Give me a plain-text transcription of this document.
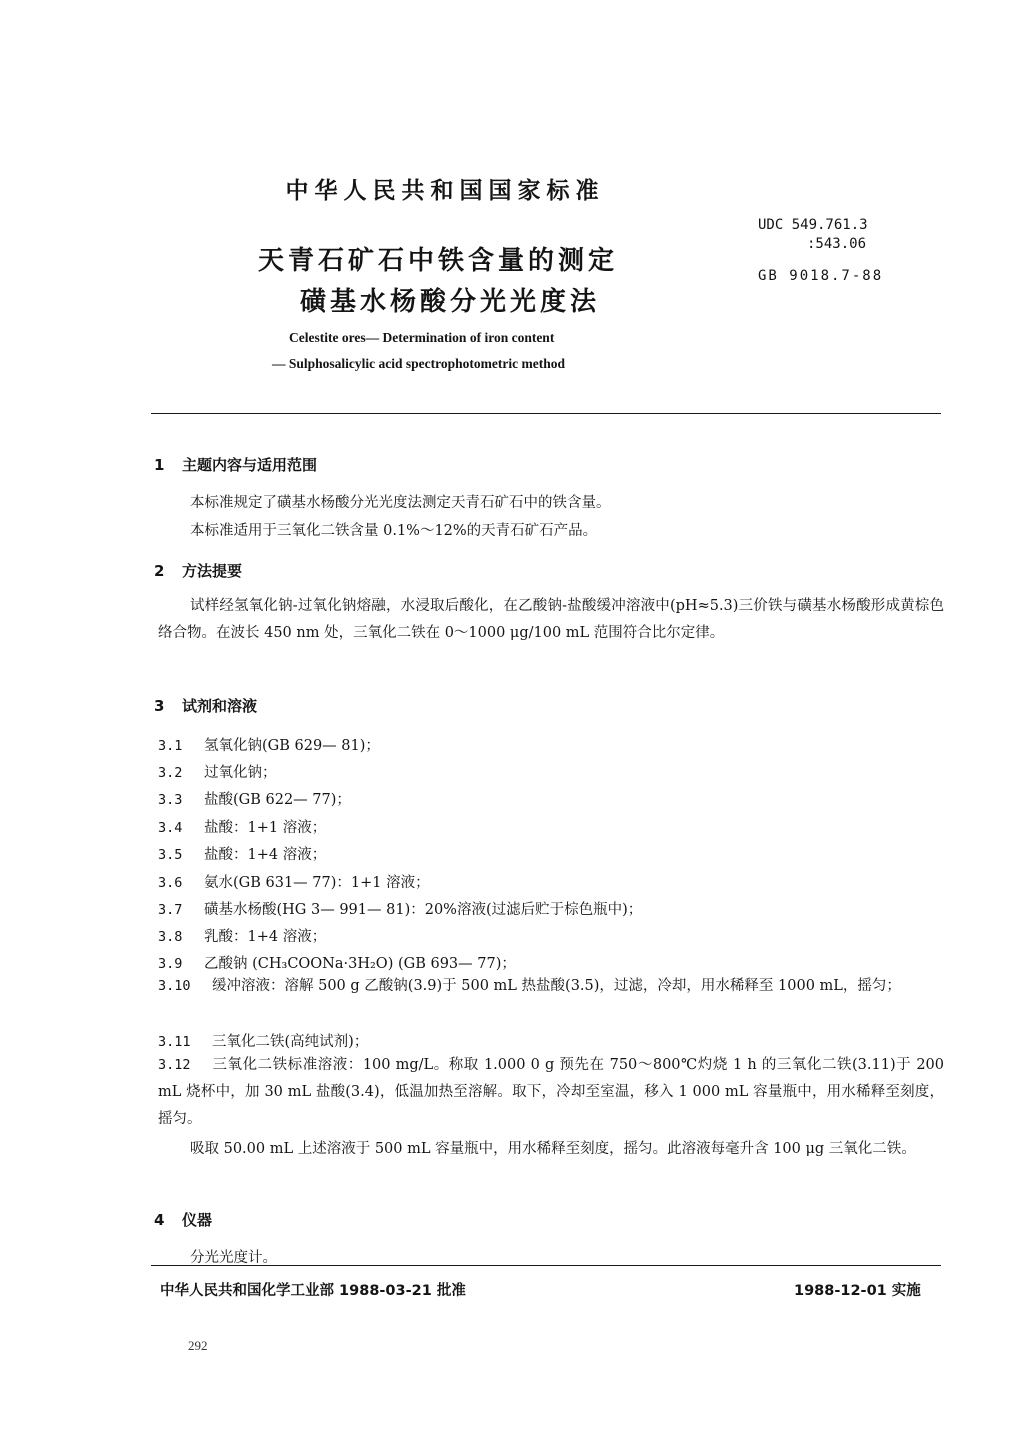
中华人民共和国国家标准
UDC 549.761.3
:543.06
GB 9018.7-88
天青石矿石中铁含量的测定
磺基水杨酸分光光度法
Celestite ores— Determination of iron content
— Sulphosalicylic acid spectrophotometric method
1 主题内容与适用范围
本标准规定了磺基水杨酸分光光度法测定天青石矿石中的铁含量。
本标准适用于三氧化二铁含量 0.1%～12%的天青石矿石产品。
2 方法提要
试样经氢氧化钠-过氧化钠熔融，水浸取后酸化，在乙酸钠-盐酸缓冲溶液中(pH≈5.3)三价铁与磺基水杨酸形成黄棕色络合物。在波长 450 nm 处，三氧化二铁在 0～1000 μg/100 mL 范围符合比尔定律。
3 试剂和溶液
3.1 氢氧化钠(GB 629— 81)；
3.2 过氧化钠；
3.3 盐酸(GB 622— 77)；
3.4 盐酸：1+1 溶液；
3.5 盐酸：1+4 溶液；
3.6 氨水(GB 631— 77)：1+1 溶液；
3.7 磺基水杨酸(HG 3— 991— 81)：20%溶液(过滤后贮于棕色瓶中)；
3.8 乳酸：1+4 溶液；
3.9 乙酸钠 (CH₃COONa·3H₂O) (GB 693— 77)；
3.10 缓冲溶液：溶解 500 g 乙酸钠(3.9)于 500 mL 热盐酸(3.5)，过滤，冷却，用水稀释至 1000 mL，摇匀；
3.11 三氧化二铁(高纯试剂)；
3.12 三氧化二铁标准溶液：100 mg/L。称取 1.000 0 g 预先在 750～800℃灼烧 1 h 的三氧化二铁(3.11)于 200 mL 烧杯中，加 30 mL 盐酸(3.4)，低温加热至溶解。取下，冷却至室温，移入 1 000 mL 容量瓶中，用水稀释至刻度，摇匀。
吸取 50.00 mL 上述溶液于 500 mL 容量瓶中，用水稀释至刻度，摇匀。此溶液每毫升含 100 μg 三氧化二铁。
4 仪器
分光光度计。
中华人民共和国化学工业部 1988-03-21 批准	1988-12-01 实施
292
